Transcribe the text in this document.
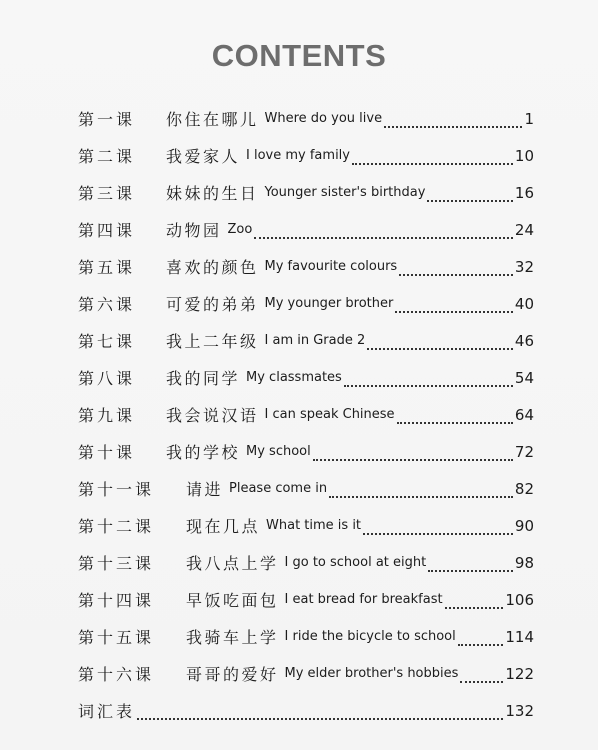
CONTENTS
第一课	你住在哪儿 Where do you live	1
第二课	我爱家人 I love my family	10
第三课	妹妹的生日 Younger sister's birthday	16
第四课	动物园 Zoo	24
第五课	喜欢的颜色 My favourite colours	32
第六课	可爱的弟弟 My younger brother	40
第七课	我上二年级 I am in Grade 2	46
第八课	我的同学 My classmates	54
第九课	我会说汉语 I can speak Chinese	64
第十课	我的学校 My school	72
第十一课	请进 Please come in	82
第十二课	现在几点 What time is it	90
第十三课	我八点上学 I go to school at eight	98
第十四课	早饭吃面包 I eat bread for breakfast	106
第十五课	我骑车上学 I ride the bicycle to school	114
第十六课	哥哥的爱好 My elder brother's hobbies	122
词汇表	132
